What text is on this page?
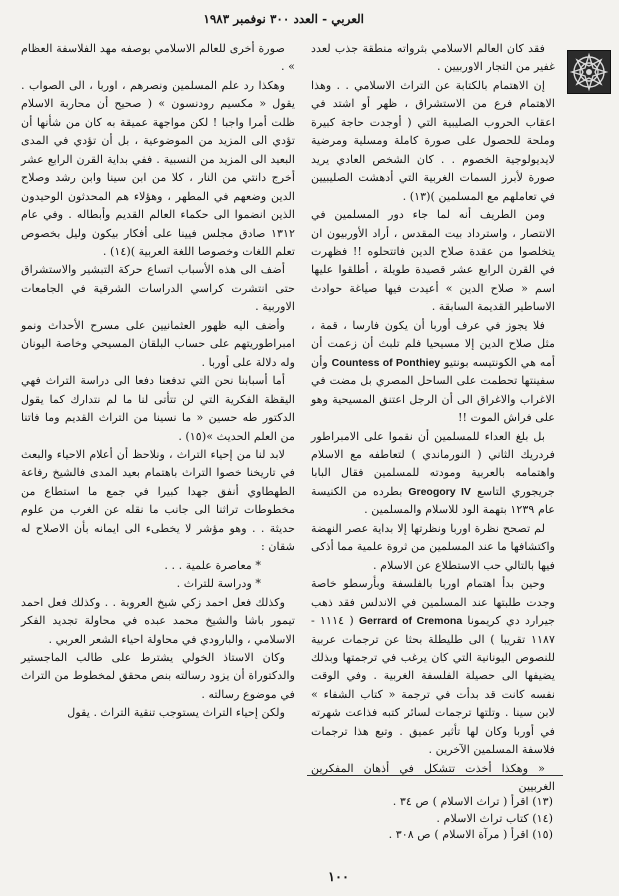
العربي - العدد ٣٠٠ نوفمبر ١٩٨٣

فقد كان العالم الاسلامي بثرواته منطقة جذب لعدد غفير من التجار الاوربيين .

إن الاهتمام بالكتابة عن التراث الاسلامي . . وهذا الاهتمام فرع من الاستشراق ، ظهر أو اشتد في اعقاب الحروب الصليبية التي ( أوجدت حاجة كبيرة وملحة للحصول على صورة كاملة ومسلية ومرضية لايديولوجية الخصوم . . كان الشخص العادي يريد صورة لأبرز السمات الغربية التي أدهشت الصليبيين في تعاملهم مع المسلمين )(١٣) .

ومن الطريف أنه لما جاء دور المسلمين في الانتصار ، واسترداد بيت المقدس ، أراد الأوربيون ان يتخلصوا من عقدة صلاح الدين فاتتحلوه !! فظهرت في القرن الرابع عشر قصيدة طويلة ، أطلقوا عليها اسم « صلاح الدين » أعيدت فيها صياغة حوادث الاساطير القديمة السابقة .

فلا يجوز في عرف أوربا أن يكون فارسا ، قمة ، مثل صلاح الدين إلا مسيحيا فلم تلبث أن زعمت أن أمه هي الكونتيسه بونتيو Countess of Ponthiey وأن سفينتها تحطمت على الساحل المصري بل مضت في الاغراب والاغراق الى أن الرجل اعتنق المسيحية وهو على فراش الموت !!

بل بلغ العداء للمسلمين أن نقموا على الامبراطور فردريك الثاني ( النورماندي ) لتعاطفه مع الاسلام واهتمامه بالعربية ومودته للمسلمين فقال البابا جريجوري التاسع Greogory IV بطرده من الكنيسة عام ١٢٣٩ بتهمة الود للاسلام والمسلمين .

لم تصحح نظرة اوربا ونظرتها إلا بداية عصر النهضة واكتشافها ما عند المسلمين من ثروة علمية مما أذكى فيها بالتالي حب الاستطلاع عن الاسلام .

وحين بدأ اهتمام اوربا بالفلسفة وبأرسطو خاصة وجدت طلبتها عند المسلمين في الاندلس فقد ذهب جيرارد دي كريمونا Gerrard of Cremona ( ١١١٤ - ١١٨٧ تقريبا ) الى طليطلة بحثا عن ترجمات عربية للنصوص اليونانية التي كان يرغب في ترجمتها وبذلك يضيفها الى حصيلة الفلسفة الغربية . وفي الوقت نفسه كانت قد بدأت في ترجمة « كتاب الشفاء » لابن سينا . وتلتها ترجمات لسائر كتبه فذاعت شهرته في أوربا وكان لها تأثير عميق . وتبع هذا ترجمات فلاسفة المسلمين الآخرين .

« وهكذا أخذت تتشكل في أذهان المفكرين الغربيين

صورة أخرى للعالم الاسلامي بوصفه مهد الفلاسفة العظام » .

وهكذا رد علم المسلمين ونصرهم ، اوربا ، الى الصواب . يقول « مكسيم رودنسون » ( صحيح أن محاربة الاسلام ظلت أمرا واجبا ! لكن مواجهة عميقة به كان من شأنها أن تؤدي الى المزيد من الموضوعية ، بل أن تؤدي في المدى البعيد الى المزيد من النسبية . ففي بداية القرن الرابع عشر أخرج دانتي من النار ، كلا من ابن سينا وابن رشد وصلاح الدين وضعهم في المطهر ، وهؤلاء هم المحدثون الوحيدون الذين انضموا الى حكماء العالم القديم وأبطاله . وفي عام ١٣١٢ صادق مجلس فيينا على أفكار بيكون وليل بخصوص تعلم اللغات وخصوصا اللغة العربية )(١٤) .

أضف الى هذه الأسباب اتساع حركة التبشير والاستشراق حتى انتشرت كراسي الدراسات الشرقية في الجامعات الاوربية .

وأضف اليه ظهور العثمانيين على مسرح الأحداث ونمو امبراطوريتهم على حساب البلقان المسيحي وخاصة اليونان وله دلالة على أوربا .

أما أسبابنا نحن التي تدفعنا دفعا الى دراسة التراث فهي اليقظة الفكرية التي لن تتأتى لنا ما لم نتدارك كما يقول الدكتور طه حسين « ما نسينا من التراث القديم وما فاتنا من العلم الحديث »(١٥) .

لابد لنا من إحياء التراث ، ونلاحظ أن أعلام الاحياء والبعث في تاريخنا خصوا التراث باهتمام بعيد المدى فالشيخ رفاعة الطهطاوي أنفق جهدا كبيرا في جمع ما استطاع من مخطوطات تراثنا الى جانب ما نقله عن الغرب من علوم حديثة . . وهو مؤشر لا يخطىء الى ايمانه بأن الاصلاح له شقان :

* معاصرة علمية . . .

* ودراسة للتراث .

وكذلك فعل احمد زكي شيخ العروبة . . وكذلك فعل احمد تيمور باشا والشيخ محمد عبده في محاولة تجديد الفكر الاسلامي ، والبارودي في محاولة احياء الشعر العربي .

وكان الاستاذ الخولي يشترط على طالب الماجستير والدكتوراة أن يزود رسالته بنص محقق لمخطوط من التراث في موضوع رسالته .

ولكن إحياء التراث يستوجب تنقية التراث . يقول

(١٣) اقرأ ( تراث الاسلام ) ص ٣٤ .
(١٤) كتاب تراث الاسلام .
(١٥) اقرأ ( مرآة الاسلام ) ص ٣٠٨ .
١٠٠
